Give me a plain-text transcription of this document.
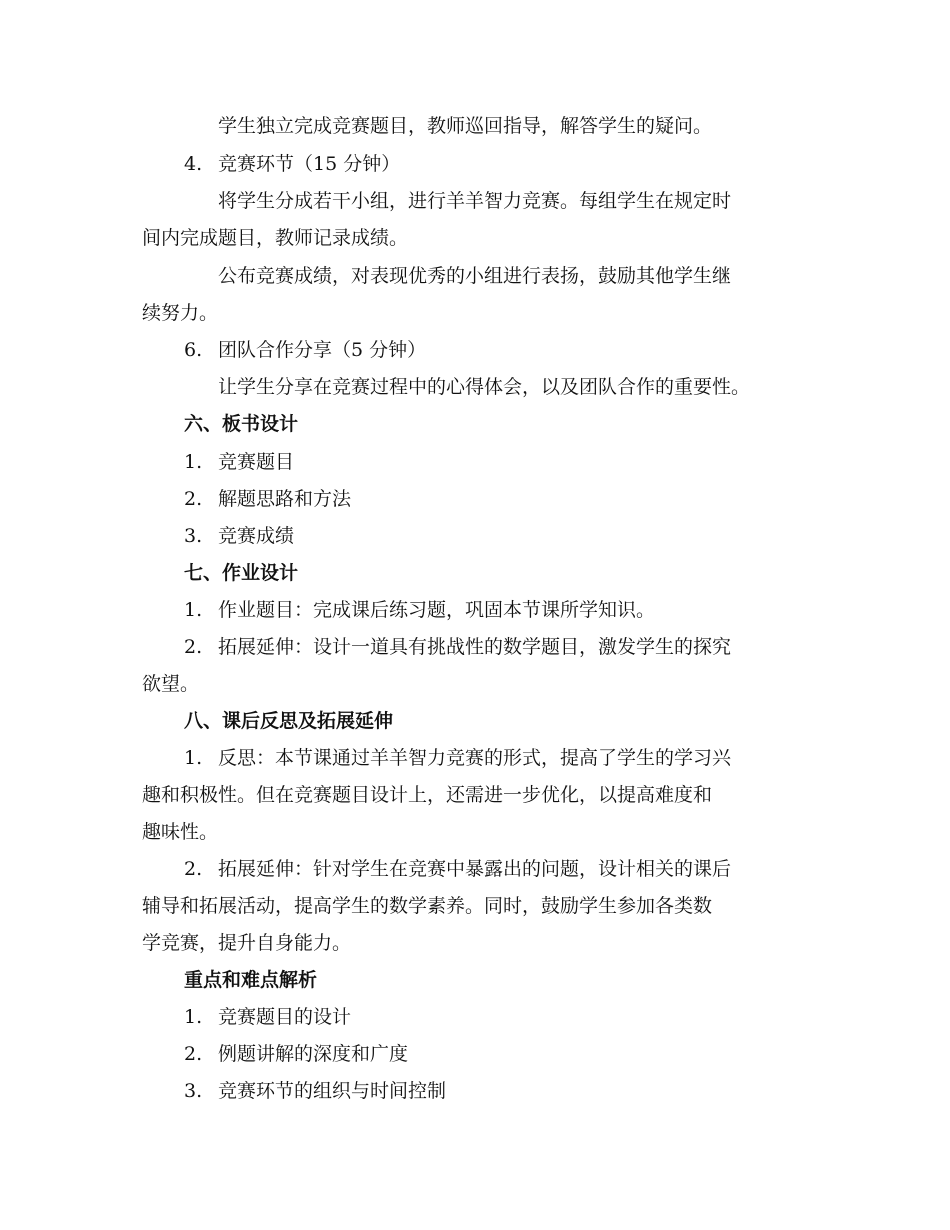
学生独立完成竞赛题目，教师巡回指导，解答学生的疑问。
4. 竞赛环节（15 分钟）
将学生分成若干小组，进行羊羊智力竞赛。每组学生在规定时
间内完成题目，教师记录成绩。
公布竞赛成绩，对表现优秀的小组进行表扬，鼓励其他学生继
续努力。
6. 团队合作分享（5 分钟）
让学生分享在竞赛过程中的心得体会，以及团队合作的重要性。
六、板书设计
1. 竞赛题目
2. 解题思路和方法
3. 竞赛成绩
七、作业设计
1. 作业题目：完成课后练习题，巩固本节课所学知识。
2. 拓展延伸：设计一道具有挑战性的数学题目，激发学生的探究
欲望。
八、课后反思及拓展延伸
1. 反思：本节课通过羊羊智力竞赛的形式，提高了学生的学习兴
趣和积极性。但在竞赛题目设计上，还需进一步优化，以提高难度和
趣味性。
2. 拓展延伸：针对学生在竞赛中暴露出的问题，设计相关的课后
辅导和拓展活动，提高学生的数学素养。同时，鼓励学生参加各类数
学竞赛，提升自身能力。
重点和难点解析
1. 竞赛题目的设计
2. 例题讲解的深度和广度
3. 竞赛环节的组织与时间控制
